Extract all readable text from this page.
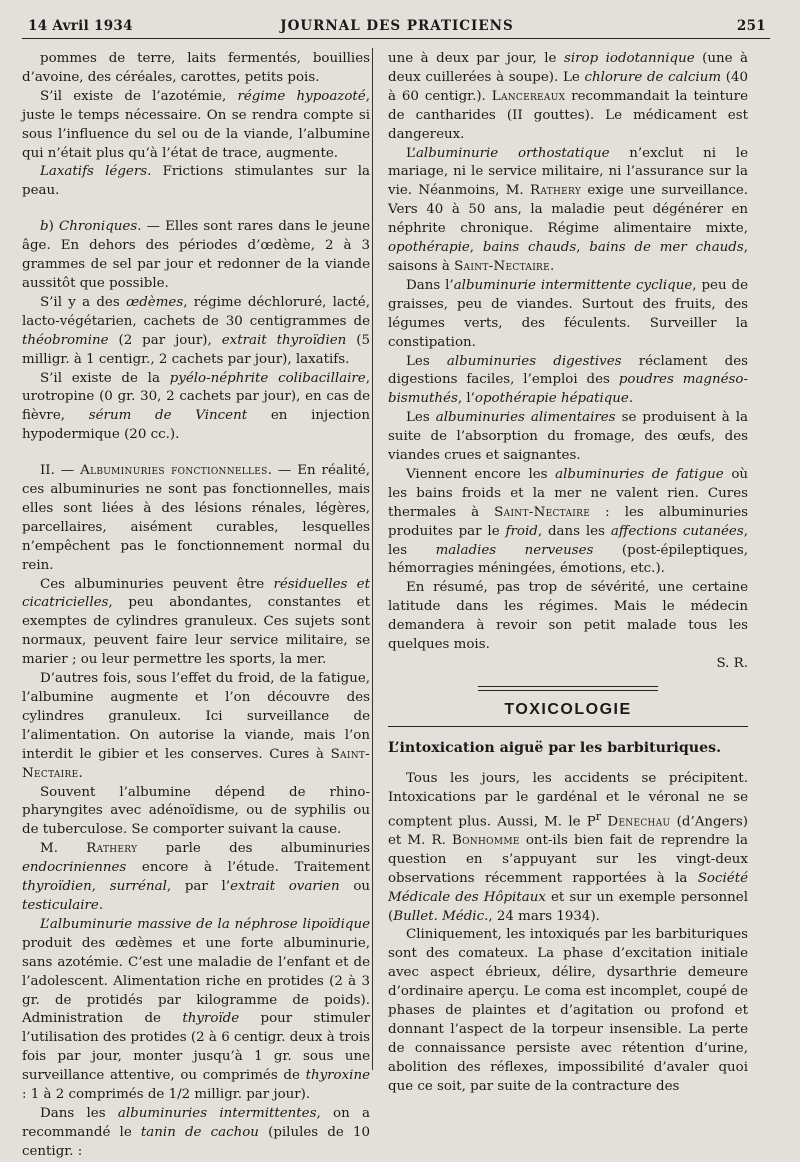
14 Avril 1934	JOURNAL DES PRATICIENS	251

pommes de terre, laits fermentés, bouillies d’avoine, des céréales, carottes, petits pois.

S’il existe de l’azotémie, régime hypoazoté, juste le temps nécessaire. On se rendra compte si sous l’influence du sel ou de la viande, l’albumine qui n’était plus qu’à l’état de trace, augmente.

Laxatifs légers. Frictions stimulantes sur la peau.

b) Chroniques. — Elles sont rares dans le jeune âge. En dehors des périodes d’œdème, 2 à 3 grammes de sel par jour et redonner de la viande aussitôt que possible.

S’il y a des œdèmes, régime déchloruré, lacté, lacto-végétarien, cachets de 30 centigrammes de théobromine (2 par jour), extrait thyroïdien (5 milligr. à 1 centigr., 2 cachets par jour), laxatifs.

S’il existe de la pyélo-néphrite colibacillaire, urotropine (0 gr. 30, 2 cachets par jour), en cas de fièvre, sérum de Vincent en injection hypodermique (20 cc.).

II. — Albuminuries fonctionnelles. — En réalité, ces albuminuries ne sont pas fonctionnelles, mais elles sont liées à des lésions rénales, légères, parcellaires, aisément curables, lesquelles n’empêchent pas le fonctionnement normal du rein.

Ces albuminuries peuvent être résiduelles et cicatricielles, peu abondantes, constantes et exemptes de cylindres granuleux. Ces sujets sont normaux, peuvent faire leur service militaire, se marier ; ou leur permettre les sports, la mer.

D’autres fois, sous l’effet du froid, de la fatigue, l’albumine augmente et l’on découvre des cylindres granuleux. Ici surveillance de l’alimentation. On autorise la viande, mais l’on interdit le gibier et les conserves. Cures à Saint-Nectaire.

Souvent l’albumine dépend de rhino-pharyngites avec adénoïdisme, ou de syphilis ou de tuberculose. Se comporter suivant la cause.

M. Rathery parle des albuminuries endocriniennes encore à l’étude. Traitement thyroïdien, surrénal, par l’extrait ovarien ou testiculaire.

L’albuminurie massive de la néphrose lipoïdique produit des œdèmes et une forte albuminurie, sans azotémie. C’est une maladie de l’enfant et de l’adolescent. Alimentation riche en protides (2 à 3 gr. de protidés par kilogramme de poids). Administration de thyroïde pour stimuler l’utilisation des protides (2 à 6 centigr. deux à trois fois par jour, monter jusqu’à 1 gr. sous une surveillance attentive, ou comprimés de thyroxine : 1 à 2 comprimés de 1/2 milligr. par jour).

Dans les albuminuries intermittentes, on a recommandé le tanin de cachou (pilules de 10 centigr. :

une à deux par jour, le sirop iodotannique (une à deux cuillerées à soupe). Le chlorure de calcium (40 à 60 centigr.). Lancereaux recommandait la teinture de cantharides (II gouttes). Le médicament est dangereux.

L’albuminurie orthostatique n’exclut ni le mariage, ni le service militaire, ni l’assurance sur la vie. Néanmoins, M. Rathery exige une surveillance. Vers 40 à 50 ans, la maladie peut dégénérer en néphrite chronique. Régime alimentaire mixte, opothérapie, bains chauds, bains de mer chauds, saisons à Saint-Nectaire.

Dans l’albuminurie intermittente cyclique, peu de graisses, peu de viandes. Surtout des fruits, des légumes verts, des féculents. Surveiller la constipation.

Les albuminuries digestives réclament des digestions faciles, l’emploi des poudres magnéso-bismuthés, l’opothérapie hépatique.

Les albuminuries alimentaires se produisent à la suite de l’absorption du fromage, des œufs, des viandes crues et saignantes.

Viennent encore les albuminuries de fatigue où les bains froids et la mer ne valent rien. Cures thermales à Saint-Nectaire : les albuminuries produites par le froid, dans les affections cutanées, les maladies nerveuses (post-épileptiques, hémorragies méningées, émotions, etc.).

En résumé, pas trop de sévérité, une certaine latitude dans les régimes. Mais le médecin demandera à revoir son petit malade tous les quelques mois.

S. R.

TOXICOLOGIE

L’intoxication aiguë par les barbituriques.

Tous les jours, les accidents se précipitent. Intoxications par le gardénal et le véronal ne se comptent plus. Aussi, M. le $P^r$ Denechau (d’Angers) et M. R. Bonhomme ont-ils bien fait de reprendre la question en s’appuyant sur les vingt-deux observations récemment rapportées à la Société Médicale des Hôpitaux et sur un exemple personnel (Bullet. Médic., 24 mars 1934).

Cliniquement, les intoxiqués par les barbituriques sont des comateux. La phase d’excitation initiale avec aspect ébrieux, délire, dysarthrie demeure d’ordinaire aperçu. Le coma est incomplet, coupé de phases de plaintes et d’agitation ou profond et donnant l’aspect de la torpeur insensible. La perte de connaissance persiste avec rétention d’urine, abolition des réflexes, impossibilité d’avaler quoi que ce soit, par suite de la contracture des
